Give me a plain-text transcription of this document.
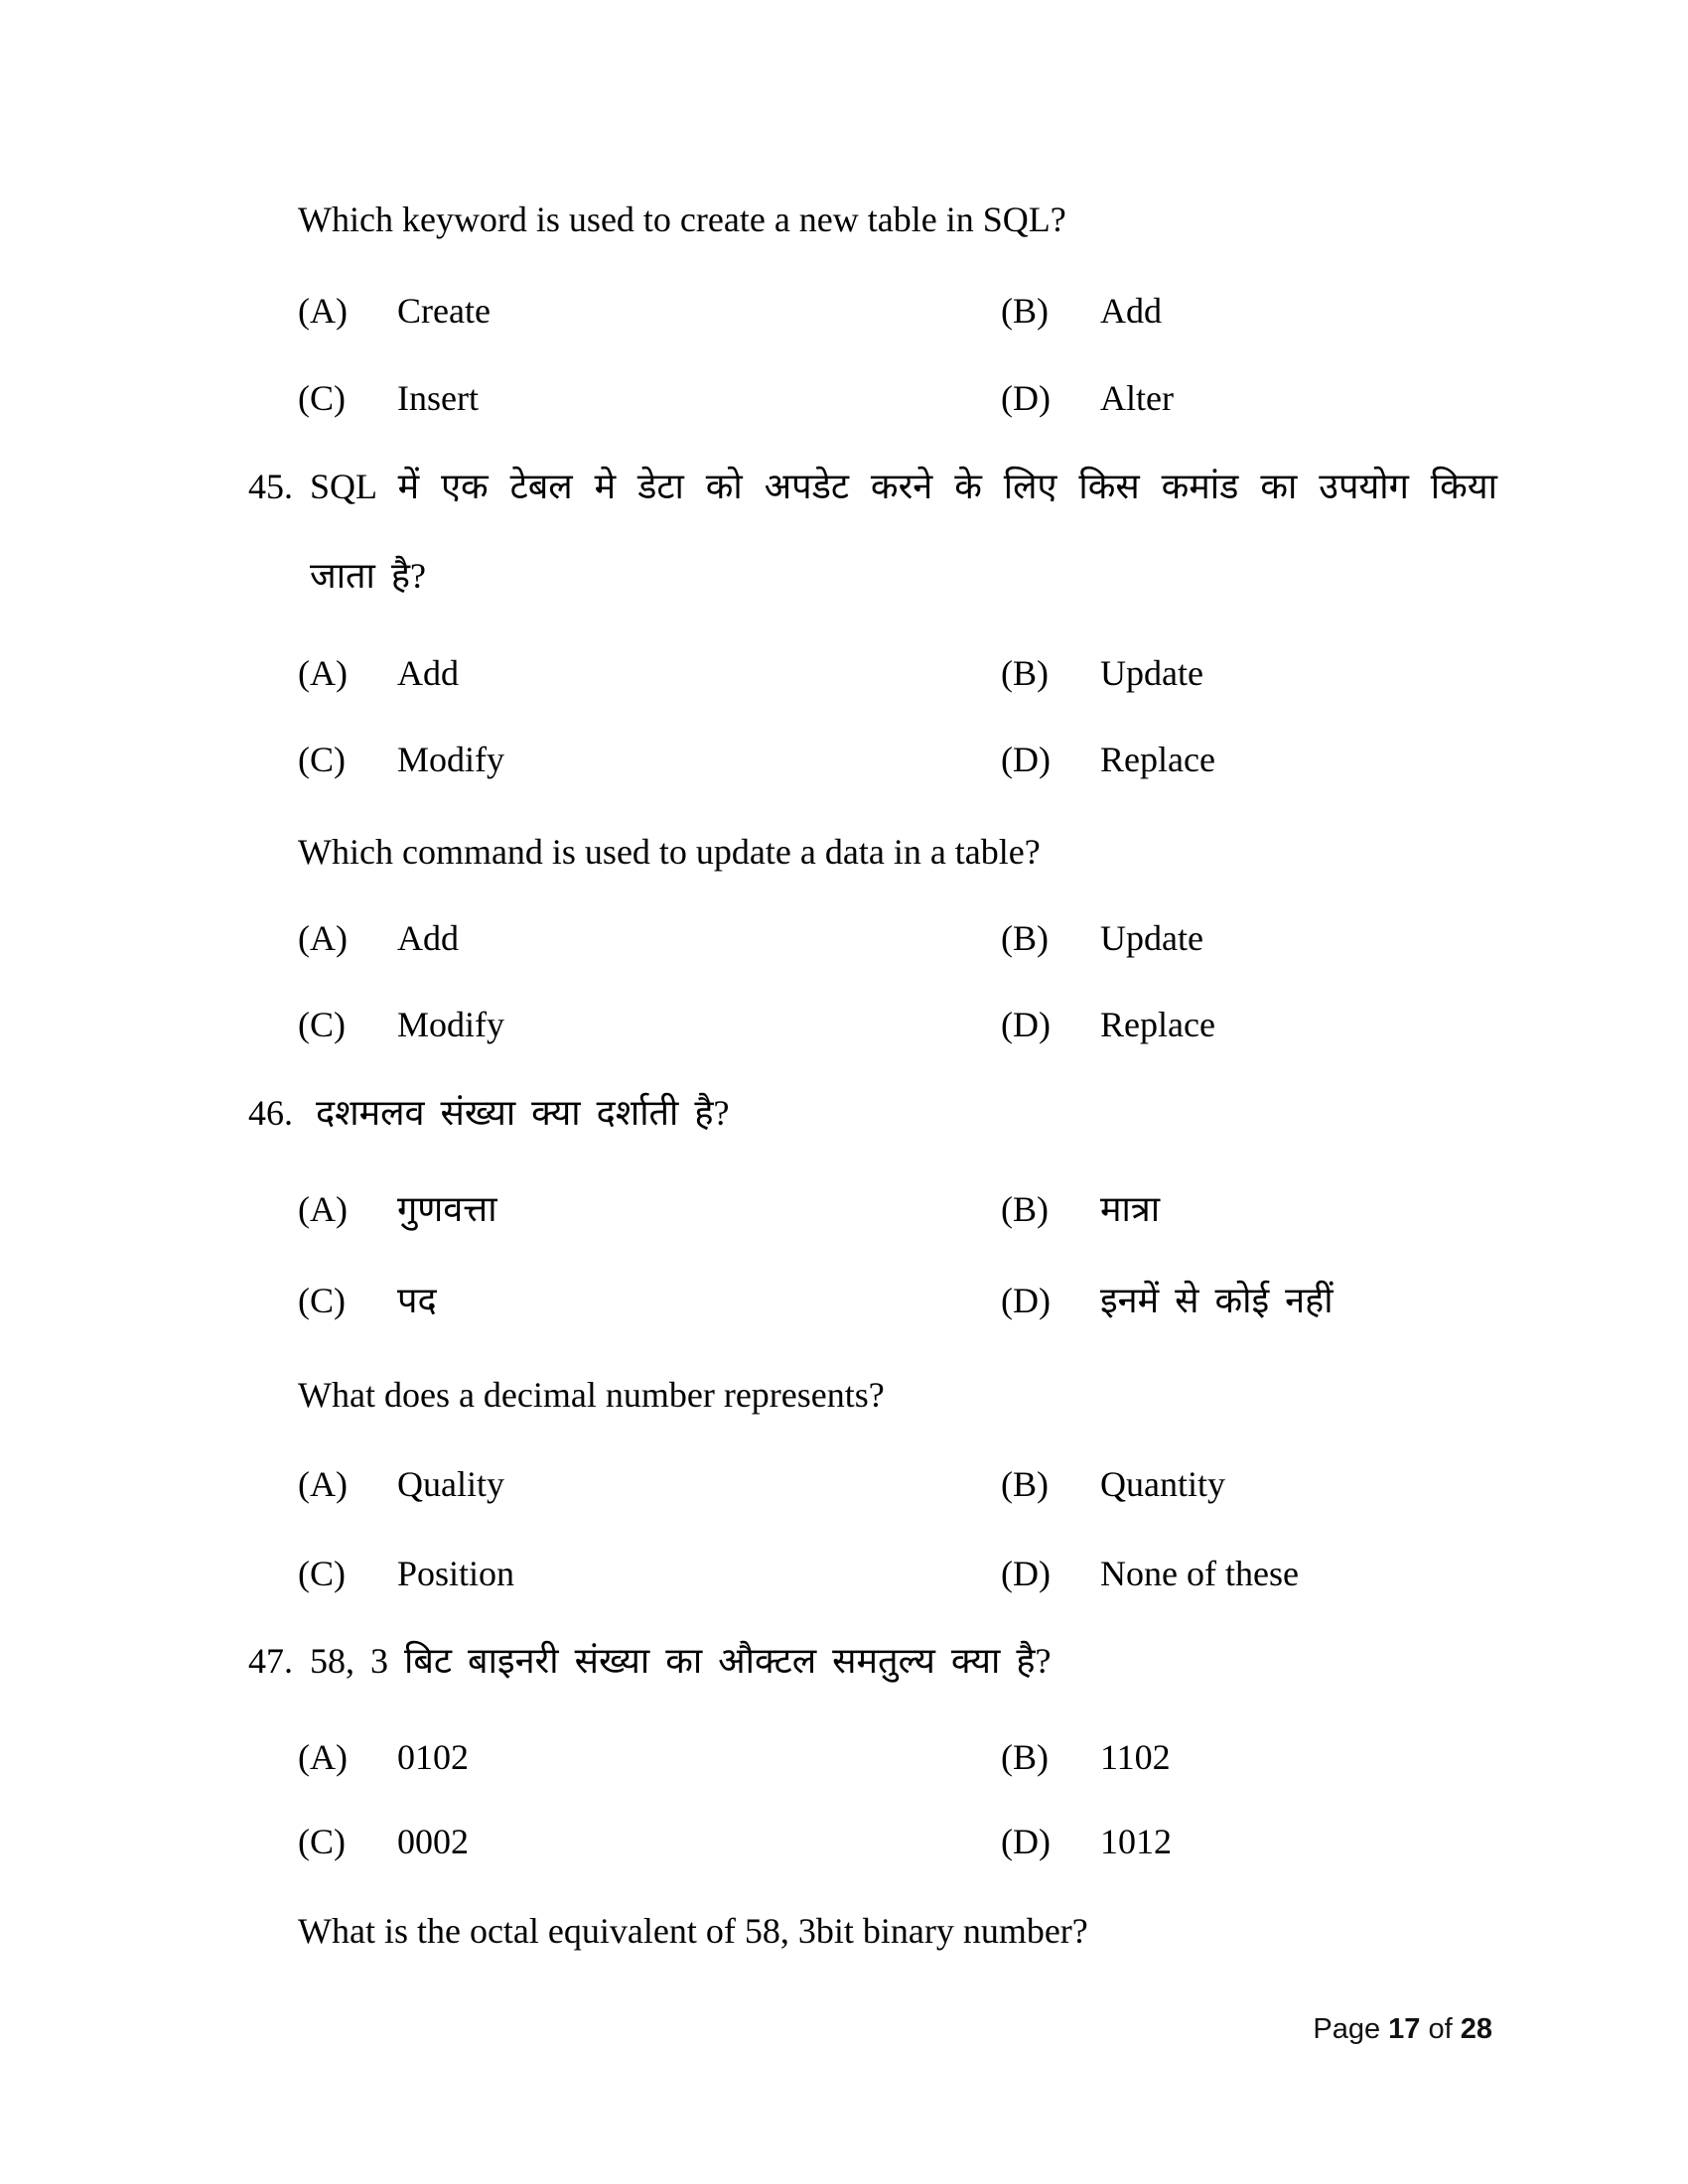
Which keyword is used to create a new table in SQL?
(A) Create	(B) Add
(C) Insert	(D) Alter
45. SQL में एक टेबल मे डेटा को अपडेट करने के लिए किस कमांड का उपयोग किया
जाता है?
(A) Add	(B) Update
(C) Modify	(D) Replace
Which command is used to update a data in a table?
(A) Add	(B) Update
(C) Modify	(D) Replace
46. दशमलव संख्या क्या दर्शाती है?
(A) गुणवत्ता	(B) मात्रा
(C) पद	(D) इनमें से कोई नहीं
What does a decimal number represents?
(A) Quality	(B) Quantity
(C) Position	(D) None of these
47. 58, 3 बिट बाइनरी संख्या का औक्टल समतुल्य क्या है?
(A) 0102	(B) 1102
(C) 0002	(D) 1012
What is the octal equivalent of 58, 3bit binary number?
Page 17 of 28
